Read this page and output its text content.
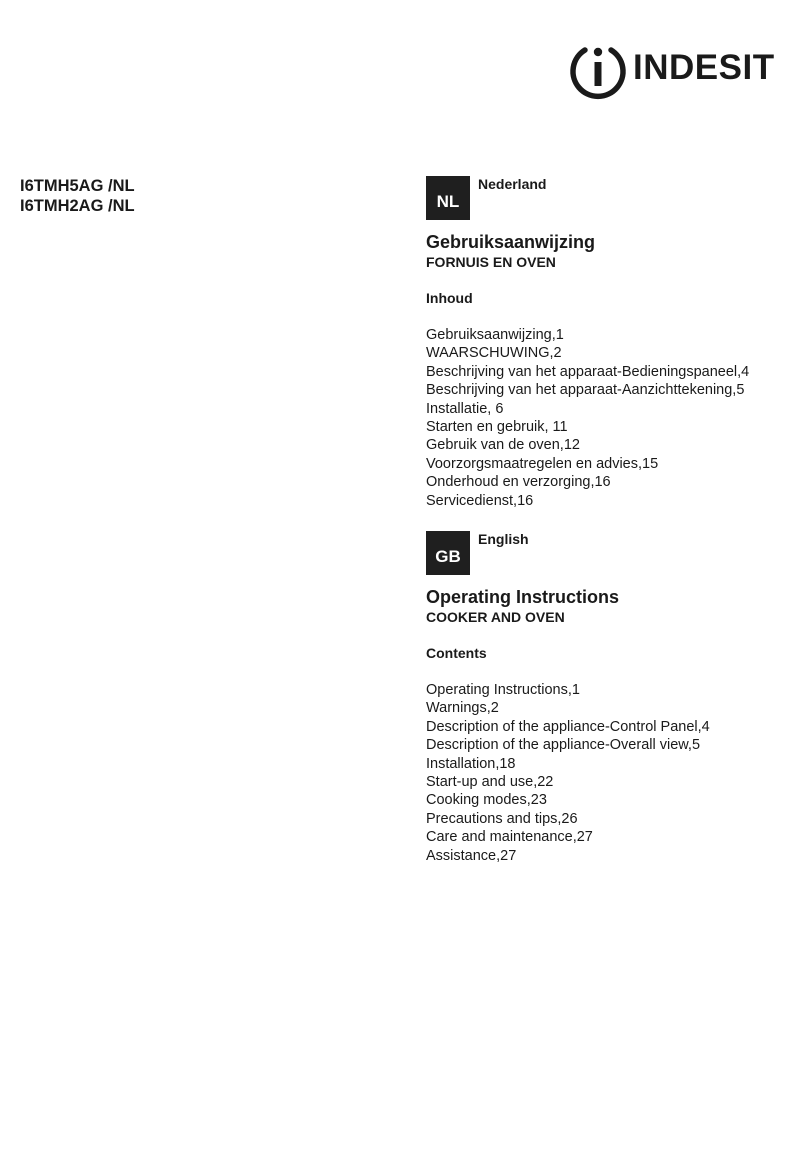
INDESIT
I6TMH5AG /NL
I6TMH2AG /NL	NL
Nederland
Gebruiksaanwijzing
FORNUIS EN OVEN
Inhoud
Gebruiksaanwijzing,1
WAARSCHUWING,2
Beschrijving van het apparaat-Bedieningspaneel,4
Beschrijving van het apparaat-Aanzichttekening,5
Installatie, 6
Starten en gebruik, 11
Gebruik van de oven,12
Voorzorgsmaatregelen en advies,15
Onderhoud en verzorging,16
Servicedienst,16
GB
English
Operating Instructions
COOKER AND OVEN
Contents
Operating Instructions,1
Warnings,2
Description of the appliance-Control Panel,4
Description of the appliance-Overall view,5
Installation,18
Start-up and use,22
Cooking modes,23
Precautions and tips,26
Care and maintenance,27
Assistance,27
